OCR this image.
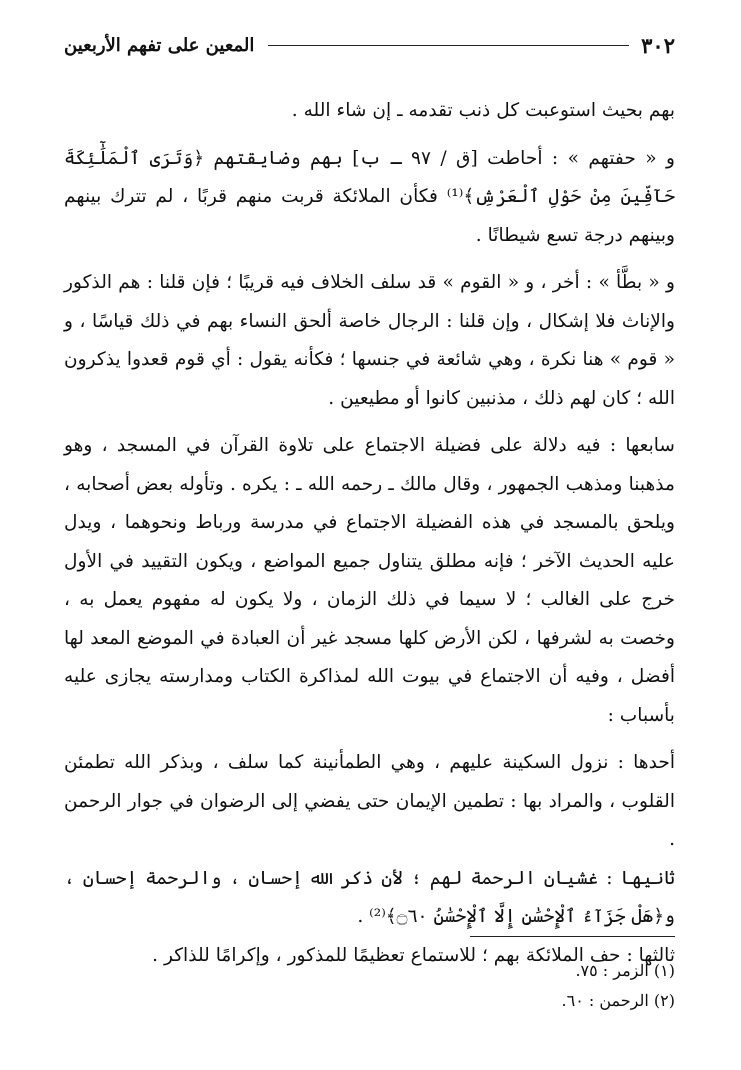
٣٠٢
المعين على تفهم الأربعين

بهم بحيث استوعبت كل ذنب تقدمه ـ إن شاء الله .

و « حفتهم » : أحاطت [ق / ٩٧ ـ ب] بهم وضايقتهم ﴿وَتَرَى ٱلْمَلَٰٓئِكَةَ حَآفِّينَ مِنْ حَوْلِ ٱلْعَرْشِ﴾⁽¹⁾ فكأن الملائكة قربت منهم قربًا ، لم تترك بينهم وبينهم درجة تسع شيطانًا .

و « بطَّأ » : أخر ، و « القوم » قد سلف الخلاف فيه قريبًا ؛ فإن قلنا : هم الذكور والإناث فلا إشكال ، وإن قلنا : الرجال خاصة ألحق النساء بهم في ذلك قياسًا ، و « قوم » هنا نكرة ، وهي شائعة في جنسها ؛ فكأنه يقول : أي قوم قعدوا يذكرون الله ؛ كان لهم ذلك ، مذنبين كانوا أو مطيعين .

سابعها : فيه دلالة على فضيلة الاجتماع على تلاوة القرآن في المسجد ، وهو مذهبنا ومذهب الجمهور ، وقال مالك ـ رحمه الله ـ : يكره . وتأوله بعض أصحابه ، ويلحق بالمسجد في هذه الفضيلة الاجتماع في مدرسة ورباط ونحوهما ، ويدل عليه الحديث الآخر ؛ فإنه مطلق يتناول جميع المواضع ، ويكون التقييد في الأول خرج على الغالب ؛ لا سيما في ذلك الزمان ، ولا يكون له مفهوم يعمل به ، وخصت به لشرفها ، لكن الأرض كلها مسجد غير أن العبادة في الموضع المعد لها أفضل ، وفيه أن الاجتماع في بيوت الله لمذاكرة الكتاب ومدارسته يجازى عليه بأسباب :

أحدها : نزول السكينة عليهم ، وهي الطمأنينة كما سلف ، وبذكر الله تطمئن القلوب ، والمراد بها : تطمين الإيمان حتى يفضي إلى الرضوان في جوار الرحمن .

ثانيها : غشيان الرحمة لهم ؛ لأن ذكر الله إحسان ، والرحمة إحسان ، و﴿هَلْ جَزَآءُ ٱلْإِحْسَٰنِ إِلَّا ٱلْإِحْسَٰنُ ۝٦٠﴾⁽²⁾ .

ثالثها : حف الملائكة بهم ؛ للاستماع تعظيمًا للمذكور ، وإكرامًا للذاكر .

(١) الزمر : ٧٥.
(٢) الرحمن : ٦٠.
